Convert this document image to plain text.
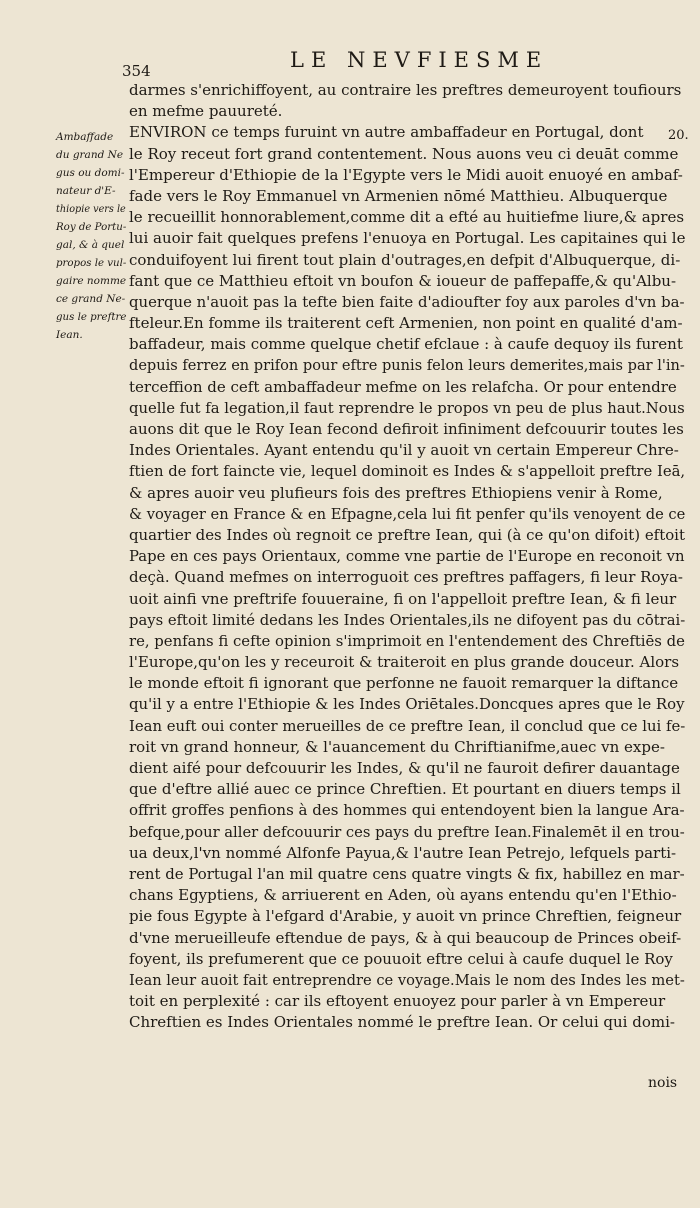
354	LE NEVFIESME
20.
Ambaffade
du grand Ne
gus ou domi-
nateur d'E-
thiopie vers le
Roy de Portu-
gal, & à quel
propos le vul-
gaire nomme
ce grand Ne-
gus le preftre
Iean.
darmes s'enrichiffoyent, au contraire les preftres demeuroyent toufiours
en mefme pauureté.
ENVIRON ce temps furuint vn autre ambaffadeur en Portugal, dont
le Roy receut fort grand contentement. Nous auons veu ci deuāt comme
l'Empereur d'Ethiopie de la l'Egypte vers le Midi auoit enuoyé en ambaf-
fade vers le Roy Emmanuel vn Armenien nōmé Matthieu. Albuquerque
le recueillit honnorablement,comme dit a efté au huitiefme liure,& apres
lui auoir fait quelques prefens l'enuoya en Portugal. Les capitaines qui le
conduifoyent lui firent tout plain d'outrages,en defpit d'Albuquerque, di-
fant que ce Matthieu eftoit vn boufon & ioueur de paffepaffe,& qu'Albu-
querque n'auoit pas la tefte bien faite d'adioufter foy aux paroles d'vn ba-
fteleur.En fomme ils traiterent ceft Armenien, non point en qualité d'am-
baffadeur, mais comme quelque chetif efclaue : à caufe dequoy ils furent
depuis ferrez en prifon pour eftre punis felon leurs demerites,mais par l'in-
terceffion de ceft ambaffadeur mefme on les relafcha. Or pour entendre
quelle fut fa legation,il faut reprendre le propos vn peu de plus haut.Nous
auons dit que le Roy Iean fecond defiroit infiniment defcouurir toutes les
Indes Orientales. Ayant entendu qu'il y auoit vn certain Empereur Chre-
ftien de fort faincte vie, lequel dominoit es Indes & s'appelloit preftre Ieā,
& apres auoir veu plufieurs fois des preftres Ethiopiens venir à Rome,
& voyager en France & en Efpagne,cela lui fit penfer qu'ils venoyent de ce
quartier des Indes où regnoit ce preftre Iean, qui (à ce qu'on difoit) eftoit
Pape en ces pays Orientaux, comme vne partie de l'Europe en reconoit vn
deçà. Quand mefmes on interroguoit ces preftres paffagers, fi leur Roya-
uoit ainfi vne preftrife fouueraine, fi on l'appelloit preftre Iean, & fi leur
pays eftoit limité dedans les Indes Orientales,ils ne difoyent pas du cōtrai-
re, penfans fi cefte opinion s'imprimoit en l'entendement des Chreftiēs de
l'Europe,qu'on les y receuroit & traiteroit en plus grande douceur. Alors
le monde eftoit fi ignorant que perfonne ne fauoit remarquer la diftance
qu'il y a entre l'Ethiopie & les Indes Oriētales.Doncques apres que le Roy
Iean euft oui conter merueilles de ce preftre Iean, il conclud que ce lui fe-
roit vn grand honneur, & l'auancement du Chriftianifme,auec vn expe-
dient aifé pour defcouurir les Indes, & qu'il ne fauroit defirer dauantage
que d'eftre allié auec ce prince Chreftien. Et pourtant en diuers temps il
offrit groffes penfions à des hommes qui entendoyent bien la langue Ara-
befque,pour aller defcouurir ces pays du preftre Iean.Finalemēt il en trou-
ua deux,l'vn nommé Alfonfe Payua,& l'autre Iean Petrejo, lefquels parti-
rent de Portugal l'an mil quatre cens quatre vingts & fix, habillez en mar-
chans Egyptiens, & arriuerent en Aden, où ayans entendu qu'en l'Ethio-
pie fous Egypte à l'efgard d'Arabie, y auoit vn prince Chreftien, feigneur
d'vne merueilleufe eftendue de pays, & à qui beaucoup de Princes obeif-
foyent, ils prefumerent que ce pouuoit eftre celui à caufe duquel le Roy
Iean leur auoit fait entreprendre ce voyage.Mais le nom des Indes les met-
toit en perplexité : car ils eftoyent enuoyez pour parler à vn Empereur
Chreftien es Indes Orientales nommé le preftre Iean. Or celui qui domi-
nois
